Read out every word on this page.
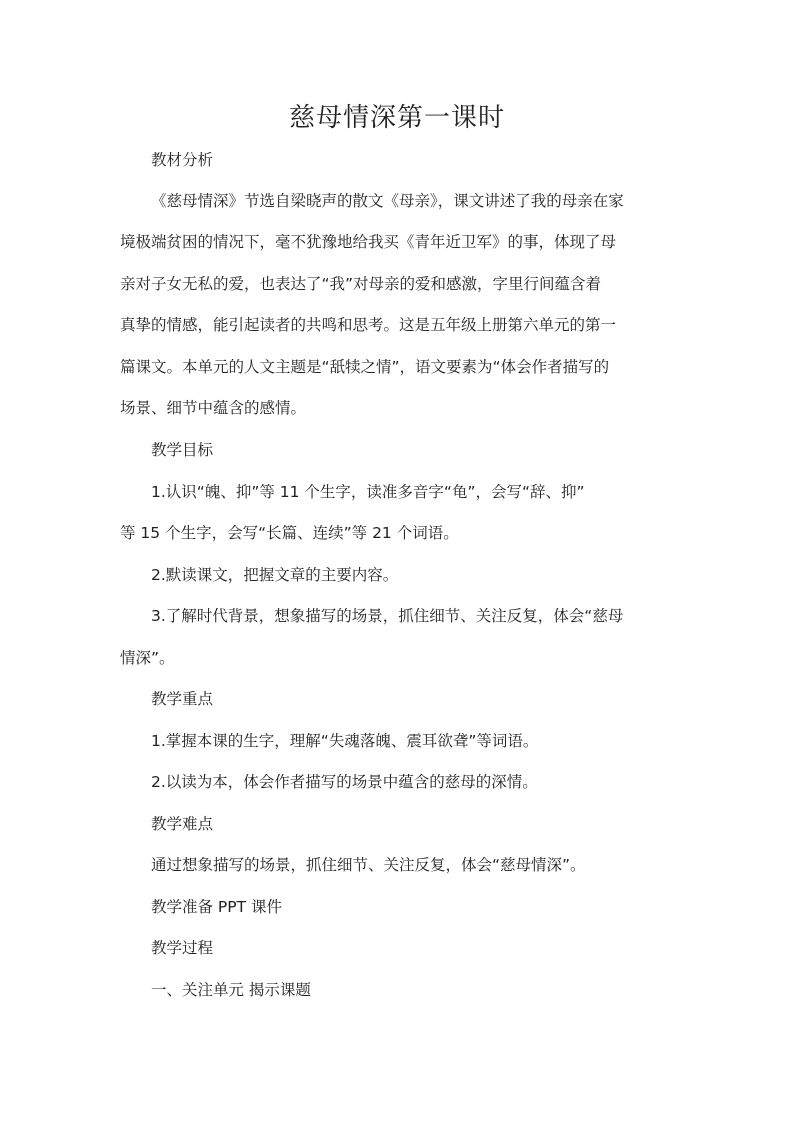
慈母情深第一课时
教材分析
《慈母情深》节选自梁晓声的散文《母亲》，课文讲述了我的母亲在家
境极端贫困的情况下，毫不犹豫地给我买《青年近卫军》的事，体现了母
亲对子女无私的爱，也表达了“我”对母亲的爱和感激，字里行间蕴含着
真挚的情感，能引起读者的共鸣和思考。这是五年级上册第六单元的第一
篇课文。本单元的人文主题是“舐犊之情”，语文要素为“体会作者描写的
场景、细节中蕴含的感情。
教学目标
1.认识“魄、抑”等 11 个生字，读准多音字“龟”，会写“辞、抑”
等 15 个生字，会写“长篇、连续”等 21 个词语。
2.默读课文，把握文章的主要内容。
3.了解时代背景，想象描写的场景，抓住细节、关注反复，体会“慈母
情深”。
教学重点
1.掌握本课的生字，理解“失魂落魄、震耳欲聋”等词语。
2.以读为本，体会作者描写的场景中蕴含的慈母的深情。
教学难点
通过想象描写的场景，抓住细节、关注反复，体会“慈母情深”。
教学准备 PPT 课件
教学过程
一、关注单元 揭示课题
